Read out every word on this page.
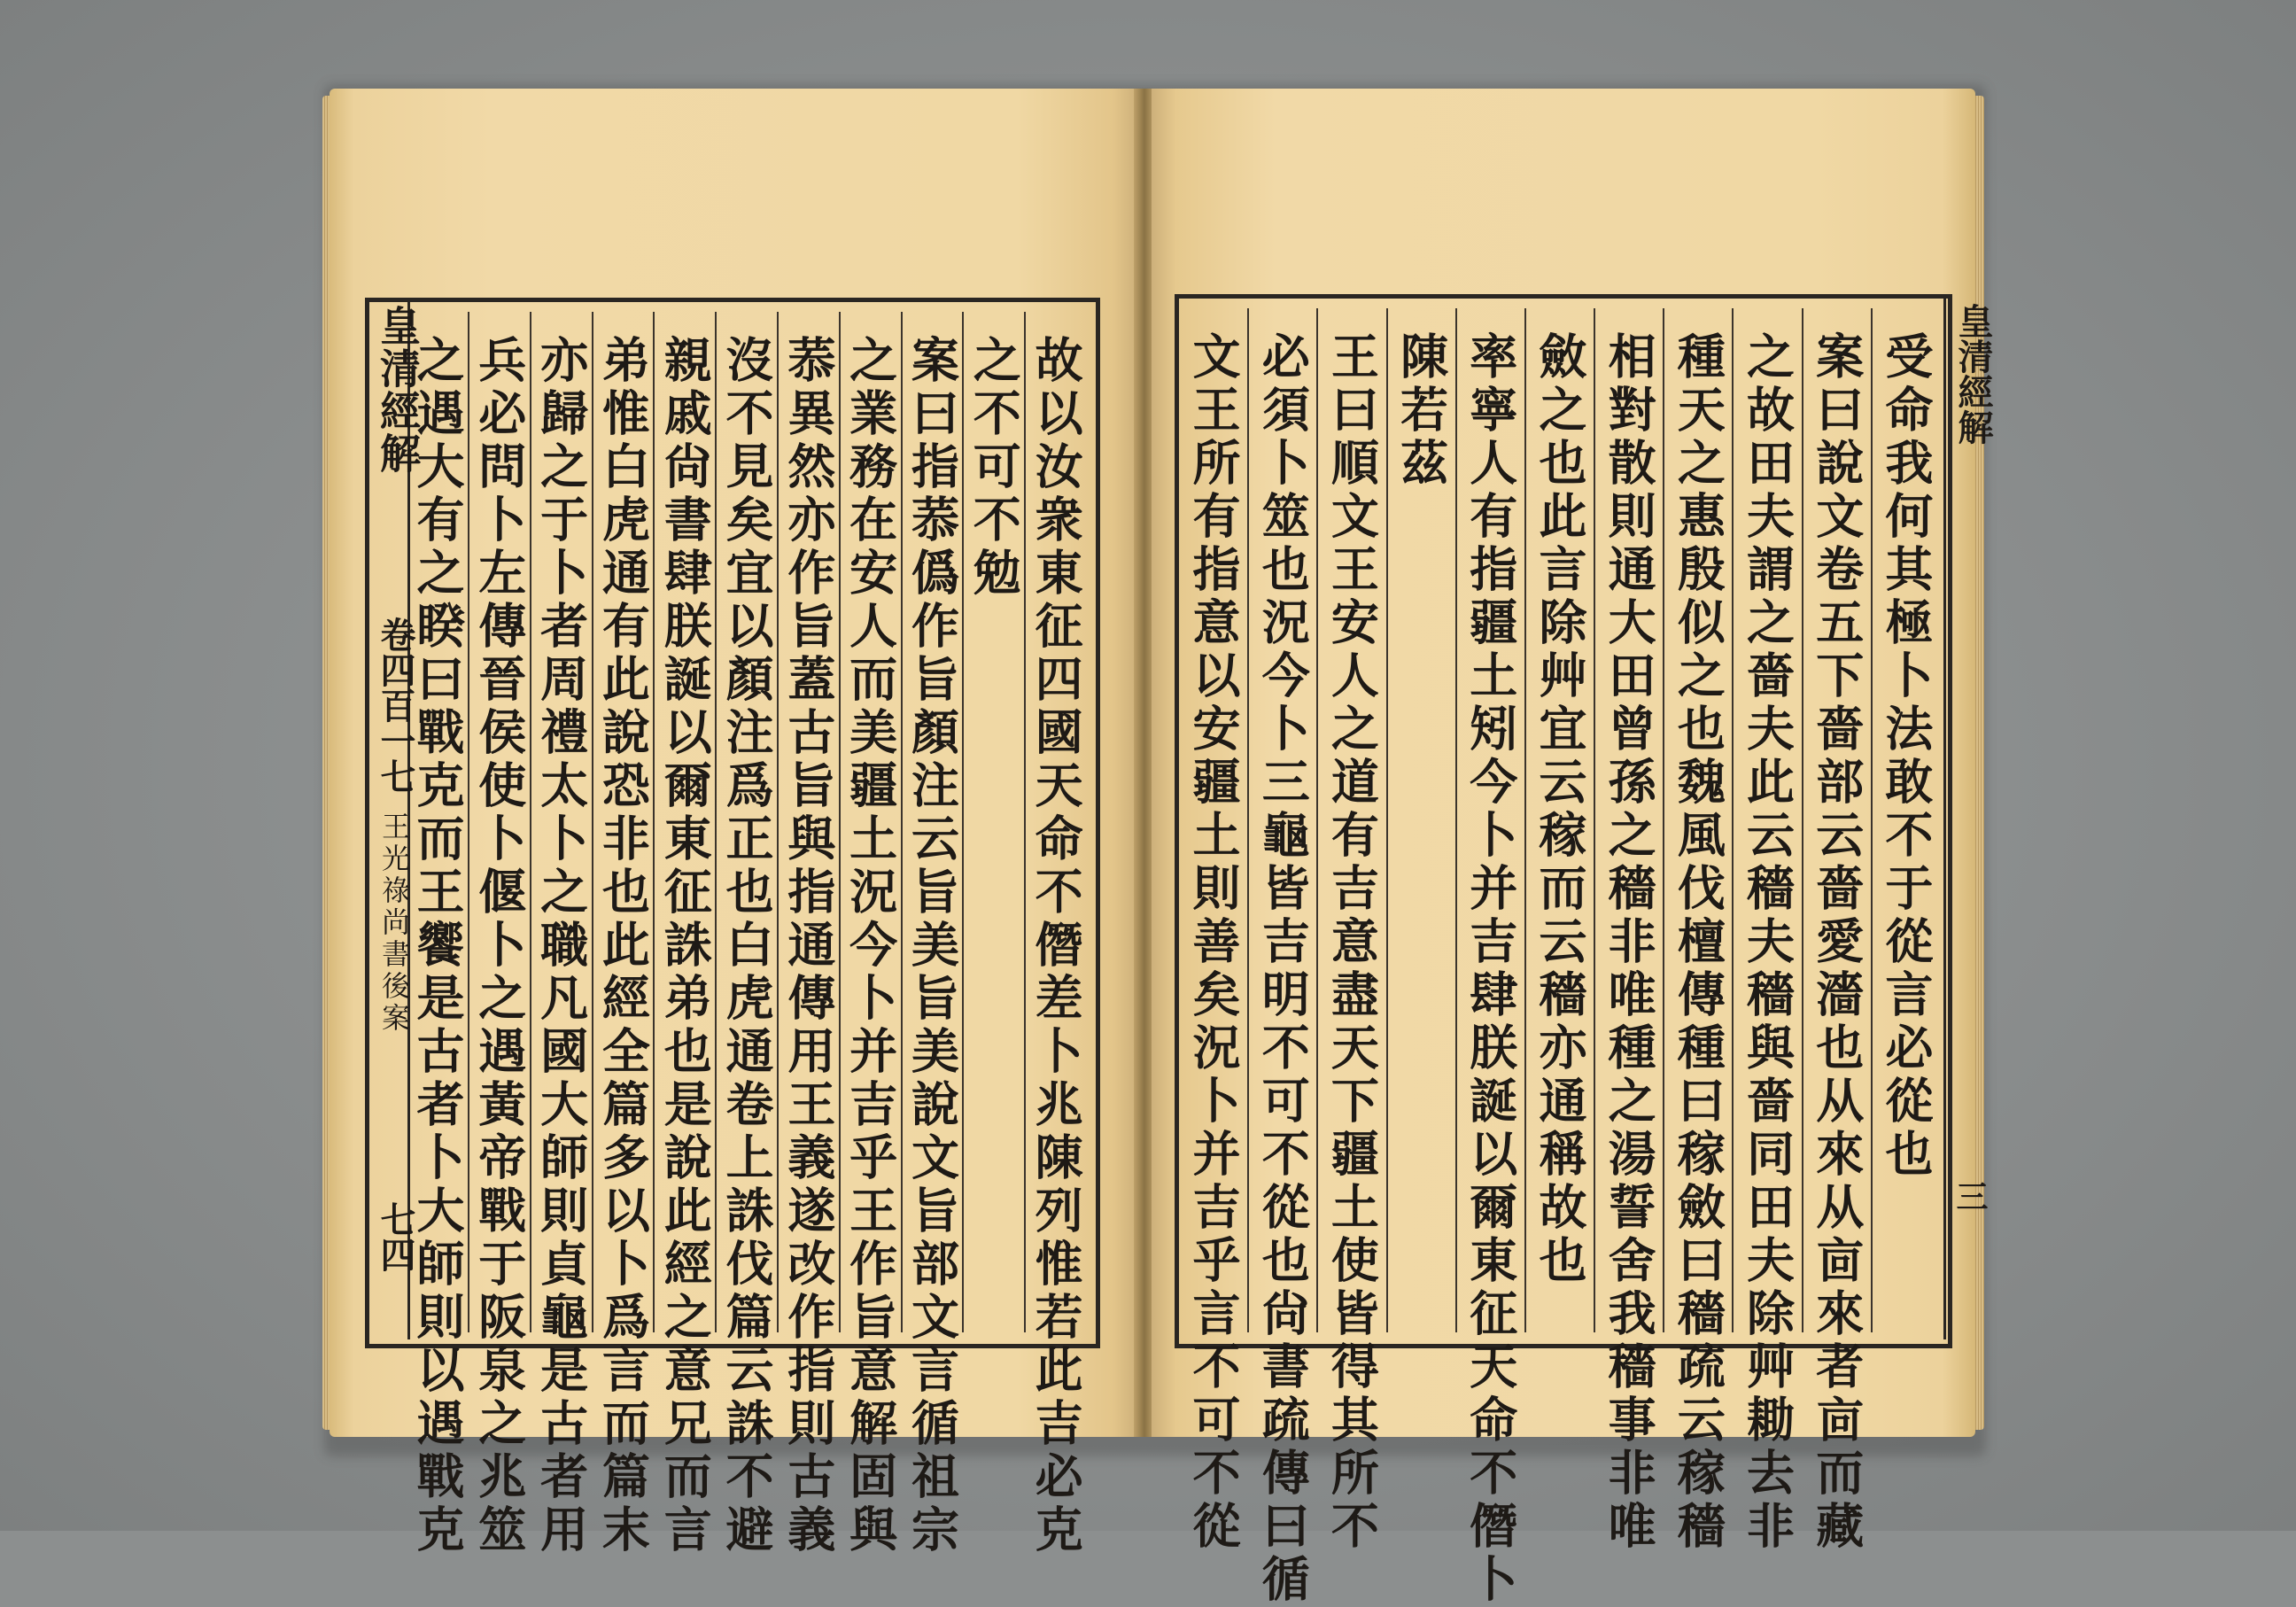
皇清經解
卷四百一七
王光祿尚書後案
七四	故以汝衆東征四國天命不僭差卜兆陳列惟若此吉必克
之不可不勉
案曰指菾僞作旨顏注云旨美旨美說文旨部文言循祖宗
之業務在安人而美疆土況今卜并吉乎王作旨意解固與
菾異然亦作旨蓋古旨與指通傳用王義遂改作指則古義
沒不見矣宜以顏注爲正也白虎通卷上誅伐篇云誅不避
親戚尙書肆朕誕以爾東征誅弟也是說此經之意兄而言
弟惟白虎通有此說恐非也此經全篇多以卜爲言而篇末
亦歸之于卜者周禮太卜之職凡國大師則貞龜是古者用
兵必問卜左傳晉侯使卜偃卜之遇黃帝戰于阪泉之兆筮
之遇大有之睽曰戰克而王饗是古者卜大師則以遇戰克	受命我何其極卜法敢不于從言必從也
案曰說文卷五下嗇部云嗇愛濇也从來从㐭來者㐭而藏
之故田夫謂之嗇夫此云穡夫穡與嗇同田夫除艸耡去非
種天之惠殷似之也魏風伐檀傳種曰稼斂曰穡疏云稼穡
相對散則通大田曾孫之穡非唯種之湯誓舍我穡事非唯
斂之也此言除艸宜云稼而云穡亦通稱故也
率寧人有指疆土矧今卜并吉肆朕誕以爾東征天命不僭卜
陳若茲
王曰順文王安人之道有吉意盡天下疆土使皆得其所不
必須卜筮也況今卜三龜皆吉明不可不從也尙書疏傳曰循
文王所有指意以安疆土則善矣況卜并吉乎言不可不從	皇清經解
三
